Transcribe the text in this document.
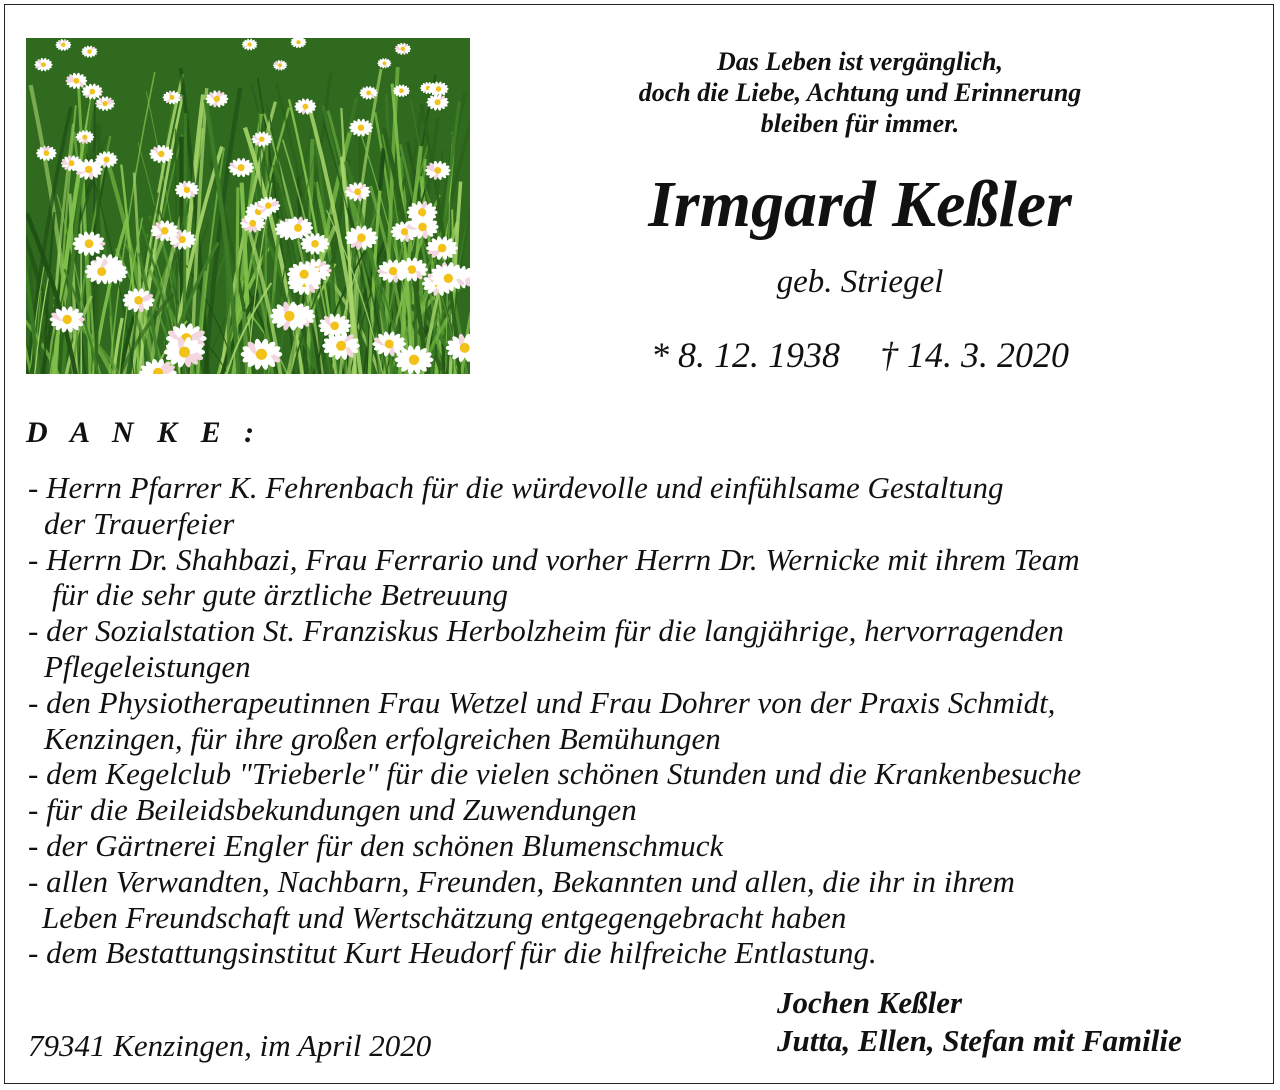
Das Leben ist vergänglich,
doch die Liebe, Achtung und Erinnerung
bleiben für immer.
Irmgard Keßler
geb. Striegel
* 8. 12. 1938 † 14. 3. 2020
D A N K E :
- Herrn Pfarrer K. Fehrenbach für die würdevolle und einfühlsame Gestaltung
der Trauerfeier
- Herrn Dr. Shahbazi, Frau Ferrario und vorher Herrn Dr. Wernicke mit ihrem Team
für die sehr gute ärztliche Betreuung
- der Sozialstation St. Franziskus Herbolzheim für die langjährige, hervorragenden
Pflegeleistungen
- den Physiotherapeutinnen Frau Wetzel und Frau Dohrer von der Praxis Schmidt,
Kenzingen, für ihre großen erfolgreichen Bemühungen
- dem Kegelclub "Trieberle" für die vielen schönen Stunden und die Krankenbesuche
- für die Beileidsbekundungen und Zuwendungen
- der Gärtnerei Engler für den schönen Blumenschmuck
- allen Verwandten, Nachbarn, Freunden, Bekannten und allen, die ihr in ihrem
Leben Freundschaft und Wertschätzung entgegengebracht haben
- dem Bestattungsinstitut Kurt Heudorf für die hilfreiche Entlastung.
79341 Kenzingen, im April 2020
Jochen Keßler
Jutta, Ellen, Stefan mit Familie
